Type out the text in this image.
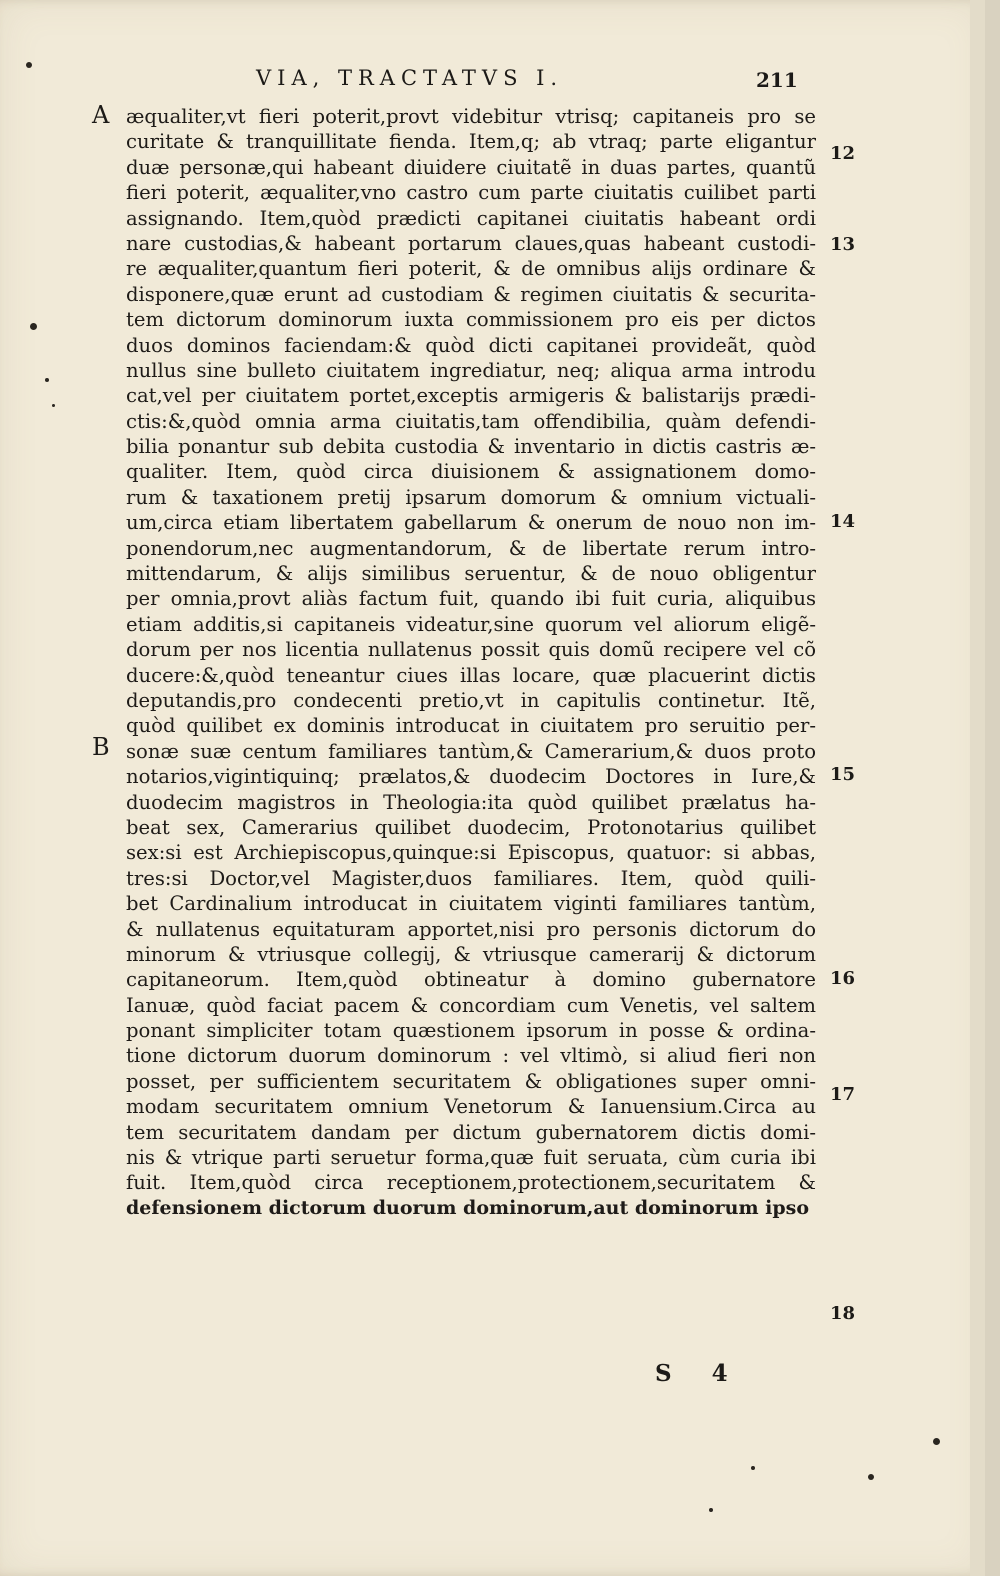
VIA, TRACTATVS I.	211
A
B
12
13
14
15
16
17
18
æqualiter,vt fieri poterit,provt videbitur vtrisq; capitaneis pro se
curitate & tranquillitate fienda. Item,q; ab vtraq; parte eligantur
duæ personæ,qui habeant diuidere ciuitatẽ in duas partes, quantũ
fieri poterit, æqualiter,vno castro cum parte ciuitatis cuilibet parti
assignando. Item,quòd prædicti capitanei ciuitatis habeant ordi
nare custodias,& habeant portarum claues,quas habeant custodi-
re æqualiter,quantum fieri poterit, & de omnibus alijs ordinare &
disponere,quæ erunt ad custodiam & regimen ciuitatis & securita-
tem dictorum dominorum iuxta commissionem pro eis per dictos
duos dominos faciendam:& quòd dicti capitanei provideãt, quòd
nullus sine bulleto ciuitatem ingrediatur, neq; aliqua arma introdu
cat,vel per ciuitatem portet,exceptis armigeris & balistarijs prædi-
ctis:&,quòd omnia arma ciuitatis,tam offendibilia, quàm defendi-
bilia ponantur sub debita custodia & inventario in dictis castris æ-
qualiter. Item, quòd circa diuisionem & assignationem domo-
rum & taxationem pretij ipsarum domorum & omnium victuali-
um,circa etiam libertatem gabellarum & onerum de nouo non im-
ponendorum,nec augmentandorum, & de libertate rerum intro-
mittendarum, & alijs similibus seruentur, & de nouo obligentur
per omnia,provt aliàs factum fuit, quando ibi fuit curia, aliquibus
etiam additis,si capitaneis videatur,sine quorum vel aliorum eligẽ-
dorum per nos licentia nullatenus possit quis domũ recipere vel cõ
ducere:&,quòd teneantur ciues illas locare, quæ placuerint dictis
deputandis,pro condecenti pretio,vt in capitulis continetur. Itẽ,
quòd quilibet ex dominis introducat in ciuitatem pro seruitio per-
sonæ suæ centum familiares tantùm,& Camerarium,& duos proto
notarios,vigintiquinq; prælatos,& duodecim Doctores in Iure,&
duodecim magistros in Theologia:ita quòd quilibet prælatus ha-
beat sex, Camerarius quilibet duodecim, Protonotarius quilibet
sex:si est Archiepiscopus,quinque:si Episcopus, quatuor: si abbas,
tres:si Doctor,vel Magister,duos familiares. Item, quòd quili-
bet Cardinalium introducat in ciuitatem viginti familiares tantùm,
& nullatenus equitaturam apportet,nisi pro personis dictorum do
minorum & vtriusque collegij, & vtriusque camerarij & dictorum
capitaneorum. Item,quòd obtineatur à domino gubernatore
Ianuæ, quòd faciat pacem & concordiam cum Venetis, vel saltem
ponant simpliciter totam quæstionem ipsorum in posse & ordina-
tione dictorum duorum dominorum : vel vltimò, si aliud fieri non
posset, per sufficientem securitatem & obligationes super omni-
modam securitatem omnium Venetorum & Ianuensium.Circa au
tem securitatem dandam per dictum gubernatorem dictis domi-
nis & vtrique parti seruetur forma,quæ fuit seruata, cùm curia ibi
fuit. Item,quòd circa receptionem,protectionem,securitatem &
defensionem dictorum duorum dominorum,aut dominorum ipso
S 4
